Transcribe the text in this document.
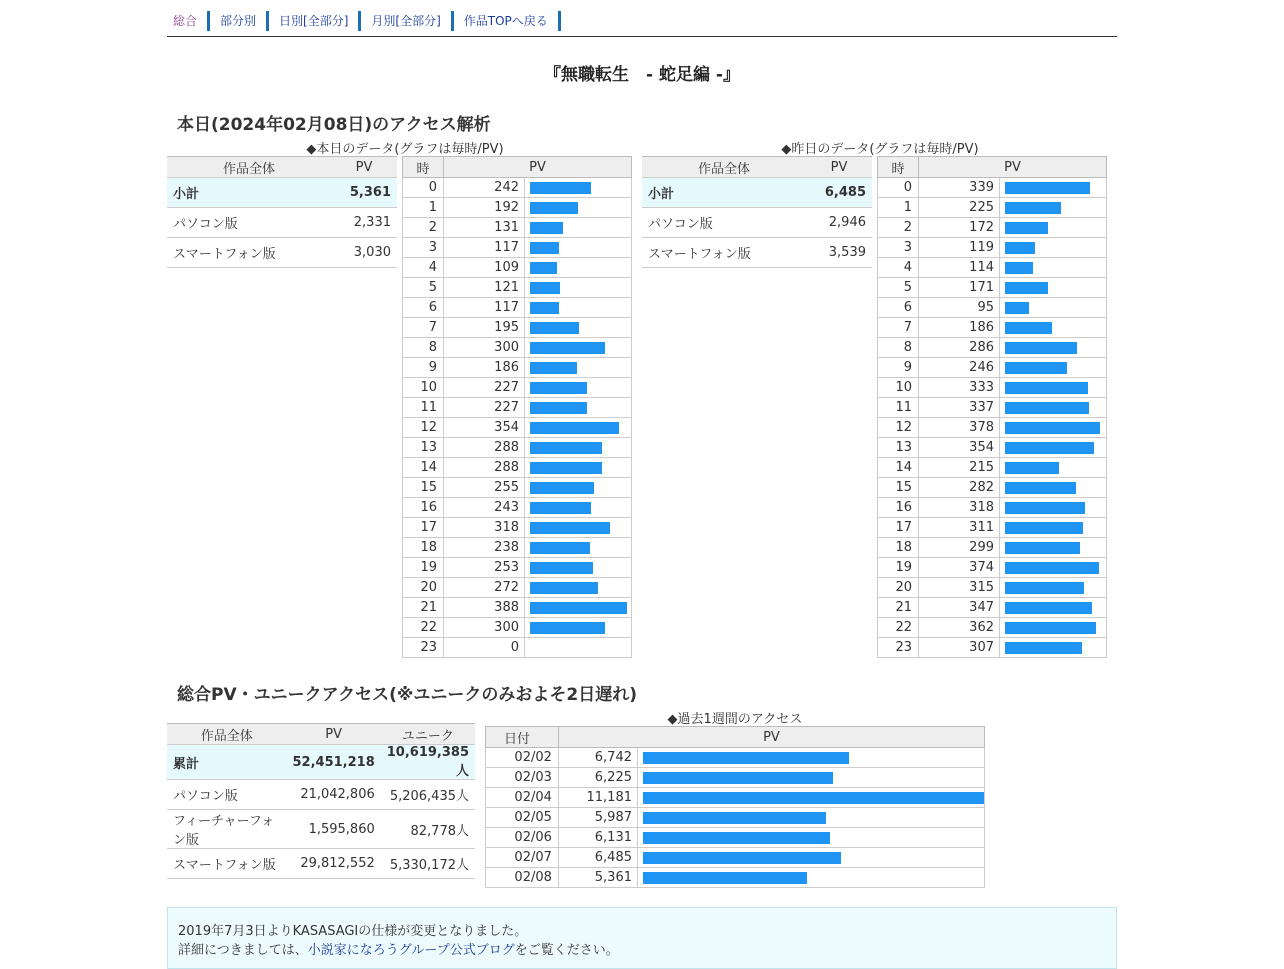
総合	部分別	日別[全部分]	月別[全部分]	作品TOPへ戻る
『無職転生　- 蛇足編 -』
本日(2024年02月08日)のアクセス解析
◆本日のデータ(グラフは毎時/PV)	◆昨日のデータ(グラフは毎時/PV)
作品全体	PV
小計	5,361
パソコン版	2,331
スマートフォン版	3,030
時	PV	
0	242	

1	192	

2	131	

3	117	

4	109	

5	121	

6	117	

7	195	

8	300	

9	186	

10	227	

11	227	

12	354	

13	288	

14	288	

15	255	

16	243	

17	318	

18	238	

19	253	

20	272	

21	388	

22	300	

23	0	
作品全体	PV
小計	6,485
パソコン版	2,946
スマートフォン版	3,539
時	PV	
0	339	

1	225	

2	172	

3	119	

4	114	

5	171	

6	95	

7	186	

8	286	

9	246	

10	333	

11	337	

12	378	

13	354	

14	215	

15	282	

16	318	

17	311	

18	299	

19	374	

20	315	

21	347	

22	362	

23	307	
総合PV・ユニークアクセス(※ユニークのみおよそ2日遅れ)
作品全体	PV	ユニーク
累計	52,451,218	10,619,385人
パソコン版	21,042,806	5,206,435人
フィーチャーフォン版	1,595,860	82,778人
スマートフォン版	29,812,552	5,330,172人
◆過去1週間のアクセス
日付	PV	
02/02	6,742	

02/03	6,225	

02/04	11,181	

02/05	5,987	

02/06	6,131	

02/07	6,485	

02/08	5,361	

2019年7月3日よりKASASAGIの仕様が変更となりました。

詳細につきましては、小説家になろうグループ公式ブログをご覧ください。
